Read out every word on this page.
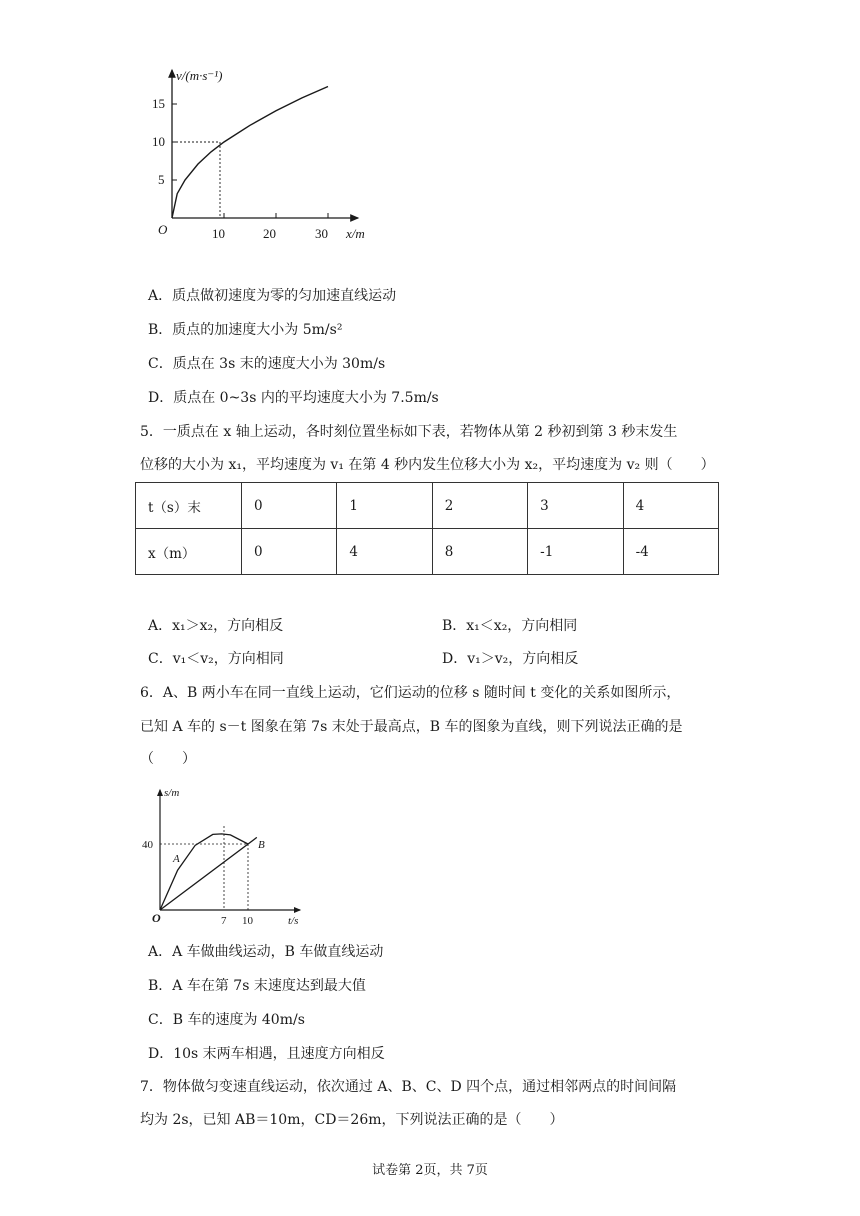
v/(m·s⁻¹)
x/m
O
15
10
5
10	20	30
A．质点做初速度为零的匀加速直线运动
B．质点的加速度大小为 5m/s²
C．质点在 3s 末的速度大小为 30m/s
D．质点在 0~3s 内的平均速度大小为 7.5m/s
5．一质点在 x 轴上运动，各时刻位置坐标如下表，若物体从第 2 秒初到第 3 秒末发生
位移的大小为 x₁，平均速度为 v₁ 在第 4 秒内发生位移大小为 x₂，平均速度为 v₂ 则（　　）
t（s）末	0	1	2	3	4
x（m）	0	4	8	-1	-4
A．x₁＞x₂，方向相反	B．x₁＜x₂，方向相同
C．v₁＜v₂，方向相同	D．v₁＞v₂，方向相反
6．A、B 两小车在同一直线上运动，它们运动的位移 s 随时间 t 变化的关系如图所示，
已知 A 车的 s－t 图象在第 7s 末处于最高点，B 车的图象为直线，则下列说法正确的是
（　　）
s/m
t/s
O
40
7 10
A
B
A．A 车做曲线运动，B 车做直线运动
B．A 车在第 7s 末速度达到最大值
C．B 车的速度为 40m/s
D．10s 末两车相遇，且速度方向相反
7．物体做匀变速直线运动，依次通过 A、B、C、D 四个点，通过相邻两点的时间间隔
均为 2s，已知 AB＝10m，CD＝26m，下列说法正确的是（　　）
试卷第 2页，共 7页
